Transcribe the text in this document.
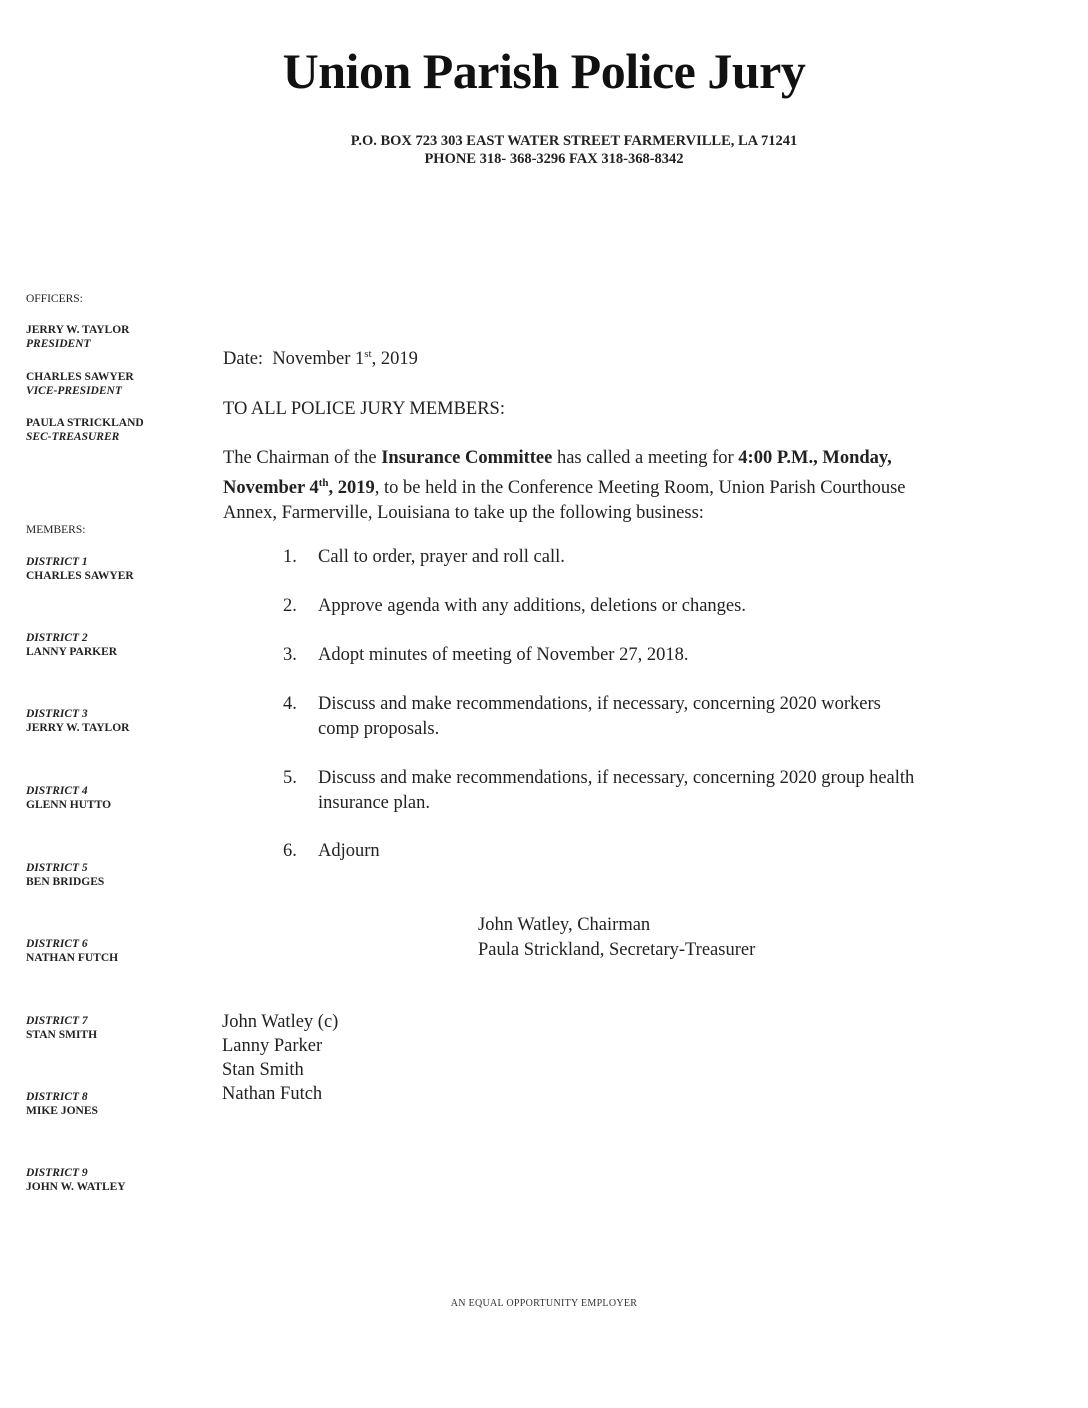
Union Parish Police Jury
P.O. BOX 723 303 EAST WATER STREET FARMERVILLE, LA 71241
PHONE 318- 368-3296 FAX 318-368-8342
OFFICERS:
JERRY W. TAYLOR
PRESIDENT
CHARLES SAWYER
VICE-PRESIDENT
PAULA STRICKLAND
SEC-TREASURER
MEMBERS:
DISTRICT 1
CHARLES SAWYER
DISTRICT 2
LANNY PARKER
DISTRICT 3
JERRY W. TAYLOR
DISTRICT 4
GLENN HUTTO
DISTRICT 5
BEN BRIDGES
DISTRICT 6
NATHAN FUTCH
DISTRICT 7
STAN SMITH
DISTRICT 8
MIKE JONES
DISTRICT 9
JOHN W. WATLEY
Date: November 1st, 2019
TO ALL POLICE JURY MEMBERS:
The Chairman of the Insurance Committee has called a meeting for 4:00 P.M., Monday, November 4th, 2019, to be held in the Conference Meeting Room, Union Parish Courthouse Annex, Farmerville, Louisiana to take up the following business:
1. Call to order, prayer and roll call.
2. Approve agenda with any additions, deletions or changes.
3. Adopt minutes of meeting of November 27, 2018.
4. Discuss and make recommendations, if necessary, concerning 2020 workers comp proposals.
5. Discuss and make recommendations, if necessary, concerning 2020 group health insurance plan.
6. Adjourn
John Watley, Chairman
Paula Strickland, Secretary-Treasurer
John Watley (c)
Lanny Parker
Stan Smith
Nathan Futch
AN EQUAL OPPORTUNITY EMPLOYER
